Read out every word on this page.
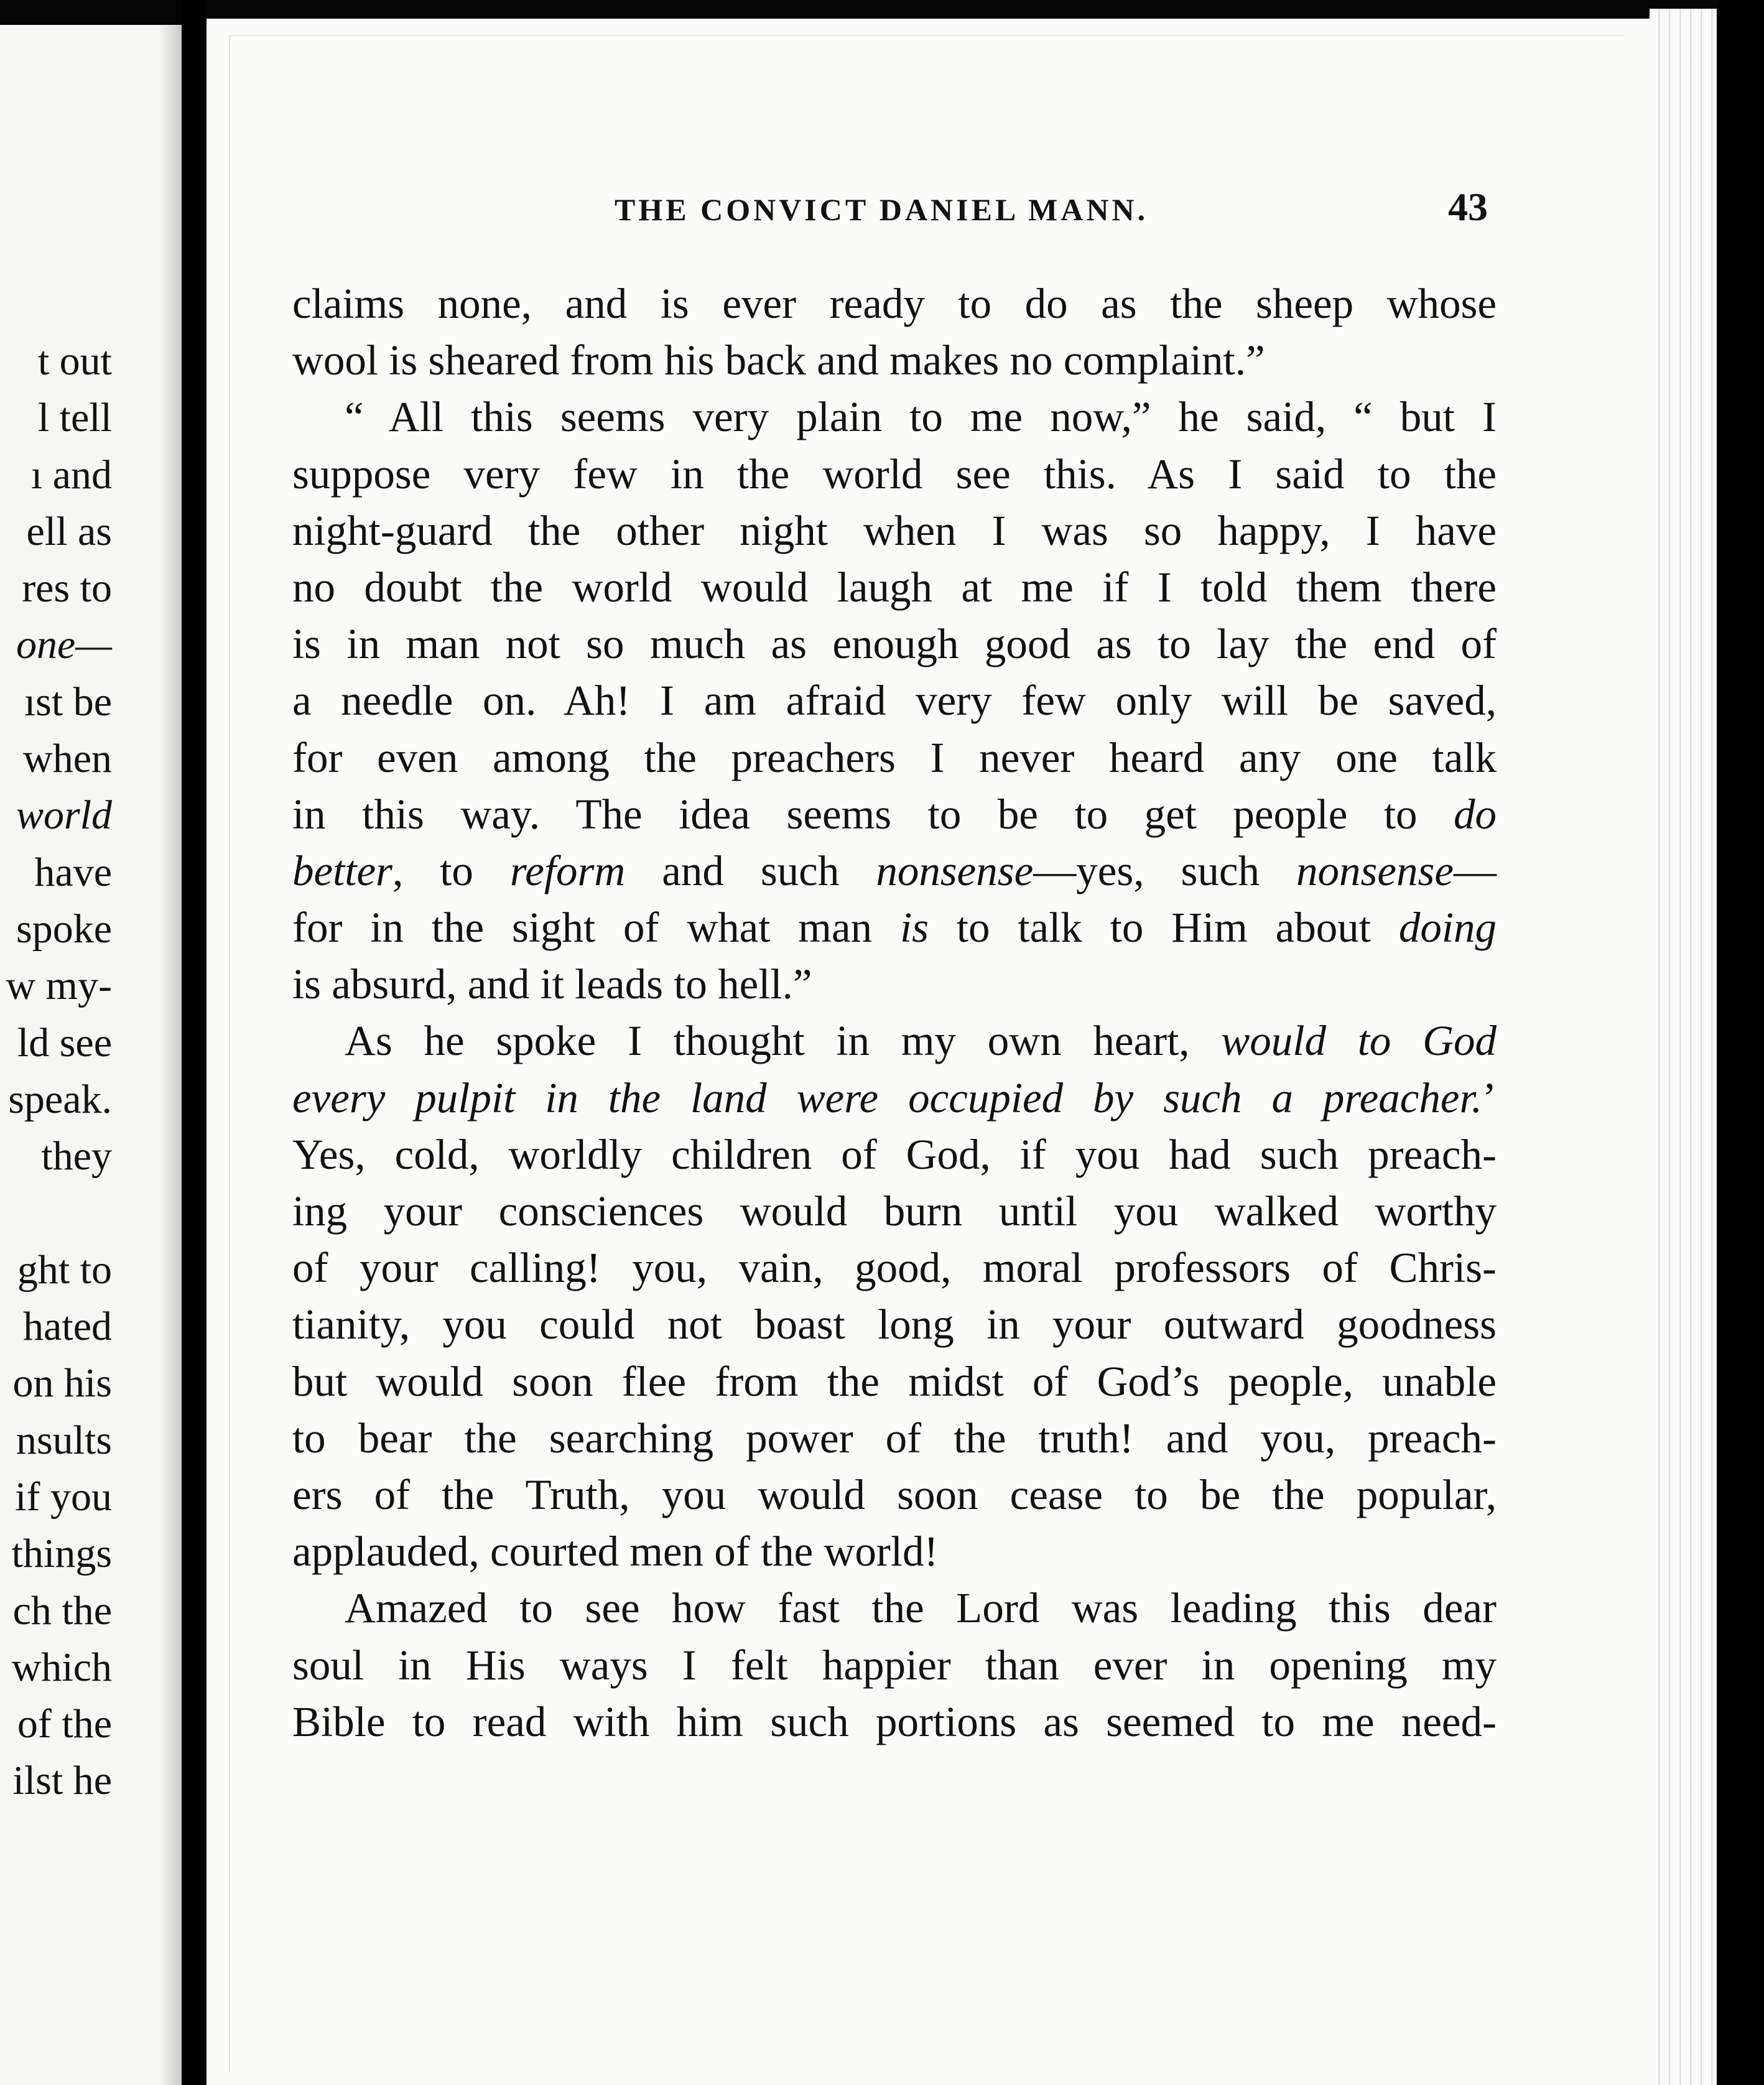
t out
l tell
ı and
ell as
res to
one—
ıst be
when
world
have
spoke
w my-
ld see
speak.
they
ght to
hated
on his
nsults
if you
things
ch the
which
of the
ilst he
THE CONVICT DANIEL MANN.	43
claims none, and is ever ready to do as the sheep whose
wool is sheared from his back and makes no complaint.”
“ All this seems very plain to me now,” he said, “ but I
suppose very few in the world see this. As I said to the
night-guard the other night when I was so happy, I have
no doubt the world would laugh at me if I told them there
is in man not so much as enough good as to lay the end of
a needle on. Ah! I am afraid very few only will be saved,
for even among the preachers I never heard any one talk
in this way. The idea seems to be to get people to do
better, to reform and such nonsense—yes, such nonsense—
for in the sight of what man is to talk to Him about doing
is absurd, and it leads to hell.”
As he spoke I thought in my own heart, would to God
every pulpit in the land were occupied by such a preacher.’
Yes, cold, worldly children of God, if you had such preach-
ing your consciences would burn until you walked worthy
of your calling! you, vain, good, moral professors of Chris-
tianity, you could not boast long in your outward goodness
but would soon flee from the midst of God’s people, unable
to bear the searching power of the truth! and you, preach-
ers of the Truth, you would soon cease to be the popular,
applauded, courted men of the world!
Amazed to see how fast the Lord was leading this dear
soul in His ways I felt happier than ever in opening my
Bible to read with him such portions as seemed to me need-
